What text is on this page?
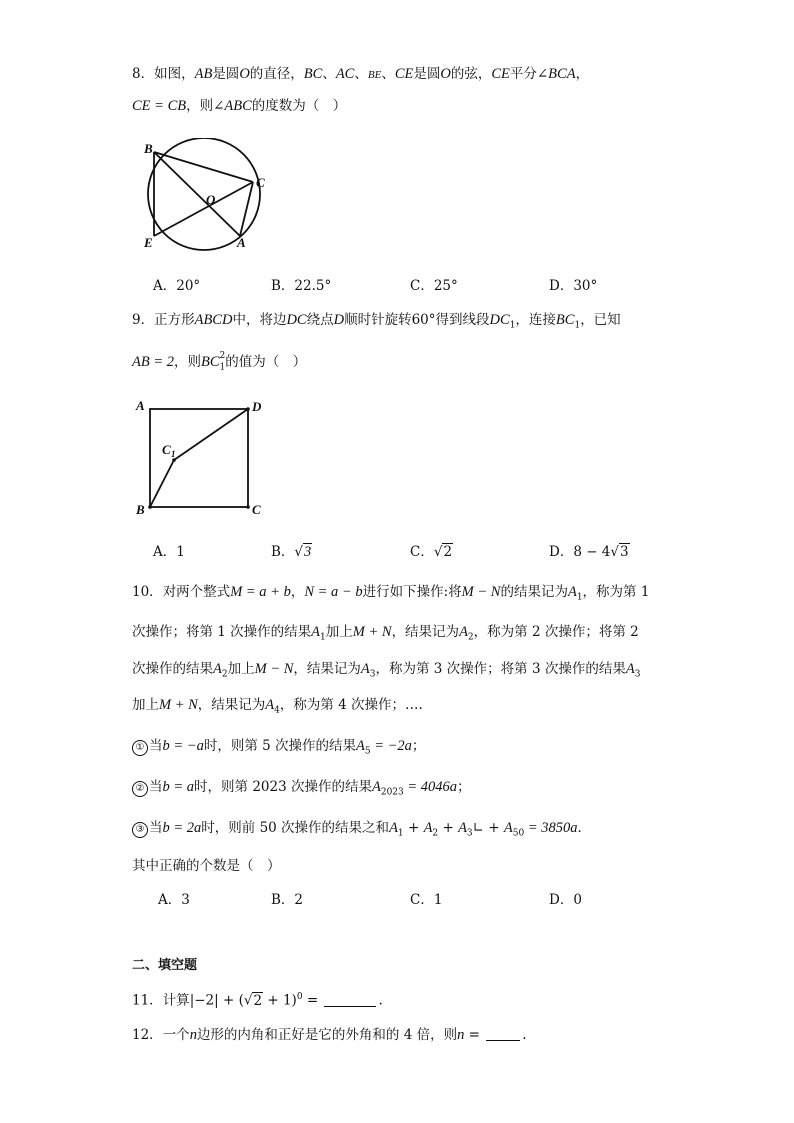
8．如图，AB是圆O的直径，BC、AC、BE、CE是圆O的弦，CE平分∠BCA，
CE = CB，则∠ABC的度数为（　）
B
C
O
E	A
A．20°	B．22.5°	C．25°	D．30°
9．正方形ABCD中，将边DC绕点D顺时针旋转60°得到线段$DC_1$，连接$BC_1$，已知
AB = 2，则BC 2
$_1$的值为（　）
A	D
C 1
B	C
A．1	B．√3	C．√2	D．8 − 4√3
10．对两个整式M = a + b，N = a − b进行如下操作:将M − N的结果记为$A_1$，称为第 1
次操作；将第 1 次操作的结果$A_1$加上M + N，结果记为$A_2$，称为第 2 次操作；将第 2
次操作的结果$A_2$加上M − N，结果记为$A_3$，称为第 3 次操作；将第 3 次操作的结果$A_3$
加上M + N，结果记为$A_4$，称为第 4 次操作；….
① 当b = −a时，则第 5 次操作的结果$A_5 = -2a$；
② 当b = a时，则第 2023 次操作的结果$A_{2023} = 4046a$；
③ 当b = 2a时，则前 50 次操作的结果之和$A_1 + A_2$ + $A_3∟ + A_{50} = 3850a$．
其中正确的个数是（　）
A．3	B．2	C．1	D．0
二、填空题
11．计算$|-2| + (√2 + 1)^0$ =	.
12．一个n边形的内角和正好是它的外角和的 4 倍，则n =	.
